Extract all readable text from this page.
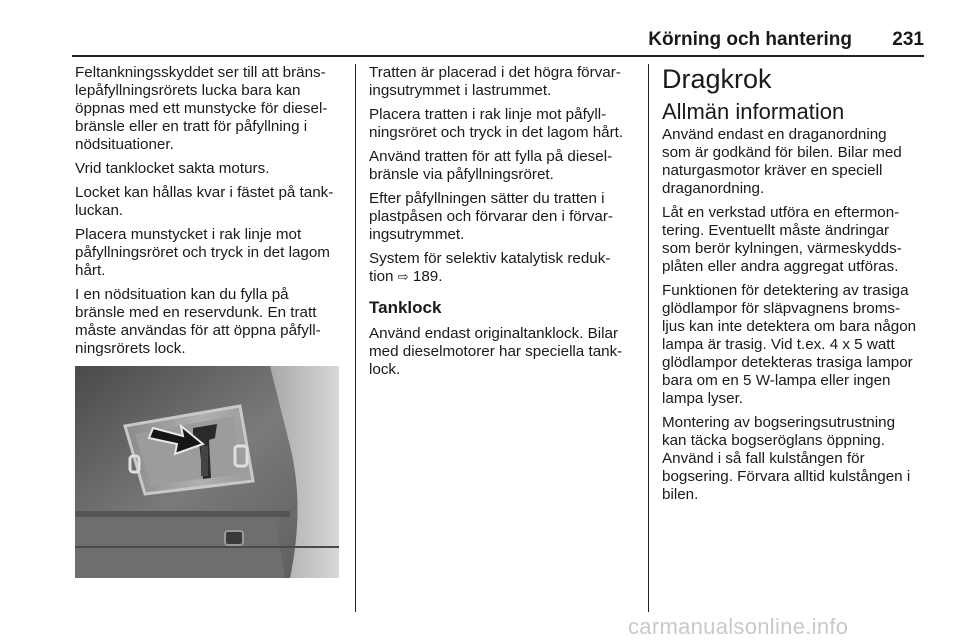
Körning och hantering 231

Feltankningsskyddet ser till att bräns-
lepåfyllningsrörets lucka bara kan
öppnas med ett munstycke för diesel-
bränsle eller en tratt för påfyllning i
nödsituationer.

Vrid tanklocket sakta moturs.

Locket kan hållas kvar i fästet på tank-
luckan.

Placera munstycket i rak linje mot
påfyllningsröret och tryck in det lagom
hårt.

I en nödsituation kan du fylla på
bränsle med en reservdunk. En tratt
måste användas för att öppna påfyll-
ningsrörets lock.

Tratten är placerad i det högra förvar-
ingsutrymmet i lastrummet.

Placera tratten i rak linje mot påfyll-
ningsröret och tryck in det lagom hårt.

Använd tratten för att fylla på diesel-
bränsle via påfyllningsröret.

Efter påfyllningen sätter du tratten i
plastpåsen och förvarar den i förvar-
ingsutrymmet.

System för selektiv katalytisk reduk-
tion ⇨ 189.

Tanklock

Använd endast originaltanklock. Bilar
med dieselmotorer har speciella tank-
lock.

Dragkrok
Allmän information

Använd endast en draganordning
som är godkänd för bilen. Bilar med
naturgasmotor kräver en speciell
draganordning.

Låt en verkstad utföra en eftermon-
tering. Eventuellt måste ändringar
som berör kylningen, värmeskydds-
plåten eller andra aggregat utföras.

Funktionen för detektering av trasiga
glödlampor för släpvagnens broms-
ljus kan inte detektera om bara någon
lampa är trasig. Vid t.ex. 4 x 5 watt
glödlampor detekteras trasiga lampor
bara om en 5 W-lampa eller ingen
lampa lyser.

Montering av bogseringsutrustning
kan täcka bogseröglans öppning.
Använd i så fall kulstången för
bogsering. Förvara alltid kulstången i
bilen.

carmanualsonline.info
